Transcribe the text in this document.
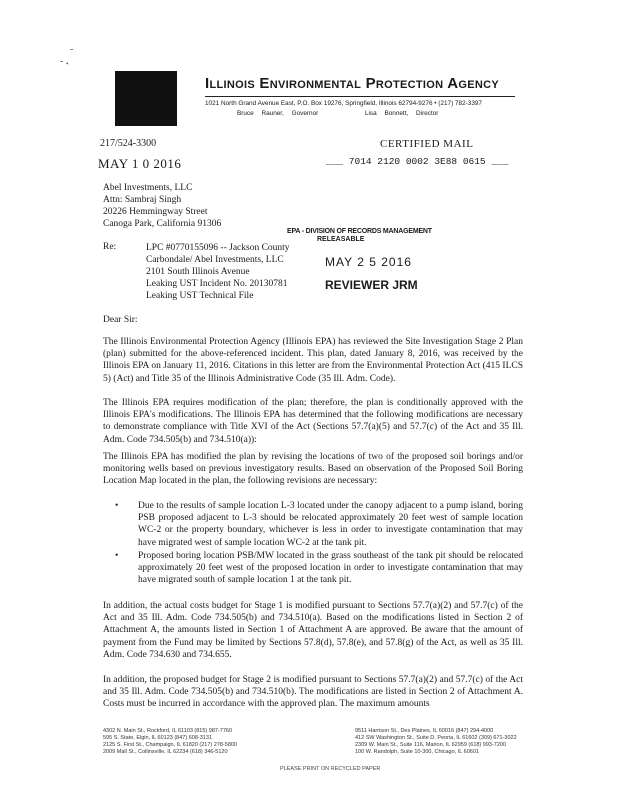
-
- •
Illinois Environmental Protection Agency
1021 North Grand Avenue East, P.O. Box 19276, Springfield, Illinois 62794-9276 • (217) 782-3397
Bruce Rauner, Governor	Lisa Bonnett, Director
217/524-3300	CERTIFIED MAIL
MAY 1 0 2016	___ 7014 2120 0002 3E88 0615 ___
Abel Investments, LLC
Attn: Sambraj Singh
20226 Hemmingway Street
Canoga Park, California 91306
EPA - DIVISION OF RECORDS MANAGEMENT
RELEASABLE
MAY 2 5 2016
REVIEWER JRM
Re:	LPC #0770155096 -- Jackson County
Carbondale/ Abel Investments, LLC
2101 South Illinois Avenue
Leaking UST Incident No. 20130781
Leaking UST Technical File
Dear Sir:
The Illinois Environmental Protection Agency (Illinois EPA) has reviewed the Site Investigation Stage 2 Plan (plan) submitted for the above-referenced incident. This plan, dated January 8, 2016, was received by the Illinois EPA on January 11, 2016. Citations in this letter are from the Environmental Protection Act (415 ILCS 5) (Act) and Title 35 of the Illinois Administrative Code (35 Ill. Adm. Code).
The Illinois EPA requires modification of the plan; therefore, the plan is conditionally approved with the Illinois EPA's modifications. The Illinois EPA has determined that the following modifications are necessary to demonstrate compliance with Title XVI of the Act (Sections 57.7(a)(5) and 57.7(c) of the Act and 35 Ill. Adm. Code 734.505(b) and 734.510(a)):
The Illinois EPA has modified the plan by revising the locations of two of the proposed soil borings and/or monitoring wells based on previous investigatory results. Based on observation of the Proposed Soil Boring Location Map located in the plan, the following revisions are necessary:
• Due to the results of sample location L-3 located under the canopy adjacent to a pump island, boring PSB proposed adjacent to L-3 should be relocated approximately 20 feet west of sample location WC-2 or the property boundary, whichever is less in order to investigate contamination that may have migrated west of sample location WC-2 at the tank pit.
• Proposed boring location PSB/MW located in the grass southeast of the tank pit should be relocated approximately 20 feet west of the proposed location in order to investigate contamination that may have migrated south of sample location 1 at the tank pit.
In addition, the actual costs budget for Stage 1 is modified pursuant to Sections 57.7(a)(2) and 57.7(c) of the Act and 35 Ill. Adm. Code 734.505(b) and 734.510(a). Based on the modifications listed in Section 2 of Attachment A, the amounts listed in Section 1 of Attachment A are approved. Be aware that the amount of payment from the Fund may be limited by Sections 57.8(d), 57.8(e), and 57.8(g) of the Act, as well as 35 Ill. Adm. Code 734.630 and 734.655.
In addition, the proposed budget for Stage 2 is modified pursuant to Sections 57.7(a)(2) and 57.7(c) of the Act and 35 Ill. Adm. Code 734.505(b) and 734.510(b). The modifications are listed in Section 2 of Attachment A. Costs must be incurred in accordance with the approved plan. The maximum amounts
4302 N. Main St., Rockford, IL 61103 (815) 987-7760
595 S. State, Elgin, IL 60123 (847) 608-3131
2125 S. First St., Champaign, IL 61820 (217) 278-5800
2009 Mall St., Collinsville, IL 62234 (618) 346-5120
9511 Harrison St., Des Plaines, IL 60016 (847) 294-4000
412 SW Washington St., Suite D, Peoria, IL 61602 (309) 671-3022
2309 W. Main St., Suite 116, Marion, IL 62959 (618) 993-7200
100 W. Randolph, Suite 10-300, Chicago, IL 60601
PLEASE PRINT ON RECYCLED PAPER
